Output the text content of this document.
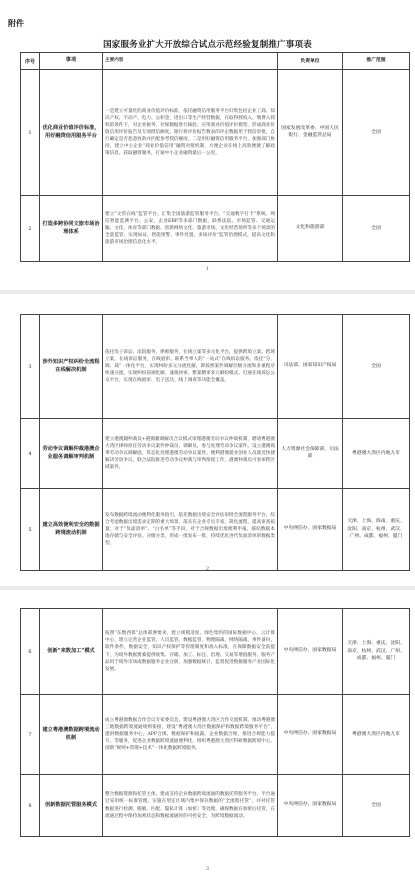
附件
国家服务业扩大开放综合试点示范经验复制推广事项表
序号	事项	主要内容	负责单位	推广范围
1	优化商业价值评价标准，用好融资信用服务平台	一是建立可量化的商业价值评价标准，依托融资信用服务平台归集包括企业工商、知识产权、不动产、电力、公积金、进出口等生产经营数据，在取得授权入、缴费入授权的条件下，对企业税务、社保数据进行核验。应用商业价值评价模型，形成商业价值信用评价报告及专项授信额度。银行将评价报告数表的评企数据用于授信审批，自行确定是否恶意放款并匹配参考授信额度。二是用好融资信用服务平台，加强部门协同，建立中小企业“商业价值信用”融资对接机制，方便企业在线上高效便捷了解政策信息，获取融资服务，打通中小企业融资最后一公里。	国家发展改革委、中国人民银行、金融监管总局	全国
2	打造多跨协同文旅市场治理体系	建立“文管在线”监管平台，汇集全国旅游监管服务平台、“交通数字打卡”系统、网信智能监测平台、公安、企业ERP等多部门数据，联系法院、市场监管、交通运输、文化、体育等部门数据，创新网络文化、旅游市场、文化经营场所等多个场景的全量监管，实现如证、智能预警、事件处置、多场评价“监管治理模式，提高文化和旅游市场治理信息化水平。	文化和旅游部	全国
1
3	涉外知识产权纠纷全流程在线解决机制	依托电子诉讼、法院服务、律师服务，在线立案等多元化平台，提供跨境立案、跨域立案，在线诉讼服务，在线庭审。联系当事人的“一站式”在线诉讼服务。依托“分、调、裁”一体化平台，实现纠纷多元分流化解，即按照案件调解层级分流和多重程序快速分流，实现纠纷前端化解，速裁快审，繁案精审多元解纷模式。打通在线诉讼公众平台，实现在线庭审、电子送达、线上调查等功能全覆盖。	司法部、国家知识产权局	全国
4	劳动争议调解仲裁港澳企业服务调解审判机制	建立港澳籍仲裁员+港澳籍调解员合议模式审理港澳劳动争议仲裁机制，聘请粤港澳大湾区律师担任劳动争议案件仲裁员、调解员，参与处理劳动争议案件。设立港澳商事劳动争议调解庭，常态化处理港澳劳动争议案件。便利港澳就业创业人员就近快捷解决劳动争议，联合法院推进劳动争议仲裁与审判衔接工作，港澳仲裁员可参审跨区域案件。	人力资源社会保障部、司法部	粤港澳大湾区内地九市
5	建立高效便利安全的数据跨境流动机制	发布数据跨境流动便利化服务指引，依托数据出境安全评估审批全流程服务平台，综合考虑数据出境需求定期的重大场景，落实在企业专员专家，简化流程，提高审查质量；对于“负面清单”、“白名单”等手段，对于合规数据出境便利申报，联结数据本地存储与安全评估。分级分类，形成一批发布一批，持续优化进代负面清单的数据类型。	中央网信办、国家数据局	天津、上海、海南、重庆、沈阳、南京、杭州、武汉、广州、成都、福州、厦门
2
6	创新“来数加工”模式	按照“东数西算”总体部署要求，建立规模适度、绿色集约的国际数据中心、云计算中心，建立完善企业监管，人员监管、数据监管、物理隔离、网络隔离、事件备份、软件条件，数据安全，知识产权保护等管理制度和准入标准，在保障数据安全前提下，为境外数据要素提供收集、存储、加工、标注、治理、交易等增值服务，服务产品用于境外市场或数据服务企业注册，加强数据统计、监督促进数据服务产业国际化发展。	中央网信办、国家数据局	天津、上海、重庆、沈阳、南京、杭州、武汉、广州、成都、福州、厦门
7	建立粤港澳数据跨境流动机制	成立粤港澳数据合作会议专家委员会，建设粤港澳大湾区合作交流机制，推动粤港澳三地数据跨境流通规则衔接，建设“粤港澳大湾区数据保护和数据跨境服务平台”，提供数据服务中心，APP合规、数据保护和披露、企业数据合规，推进合规能力提升，等服务，促进企业数据跨境流通便利化，组织粤港澳大湾区科研数据跨境中心，创新“规则+管理+技术”一体化数据跨境服务。	中央网信办、国家数据局	粤港澳大湾区内地九市
8	创新数据托管服务模式	整合数据资源和托管主体，建成支持企业数据跨境流通的数据托管服务平台。平台通过采用统一标准管理，实施在划定区域内集中保存数据的“全流程托管”，并对托管数据进行检测、脱敏、匹配、隐私计算（加密）等处理，确保数据在加密后托管，在流通过程中保持加密状态和数据流通时的可控安全，为跨境数据流动。	中央网信办、国家数据局	全国
3
